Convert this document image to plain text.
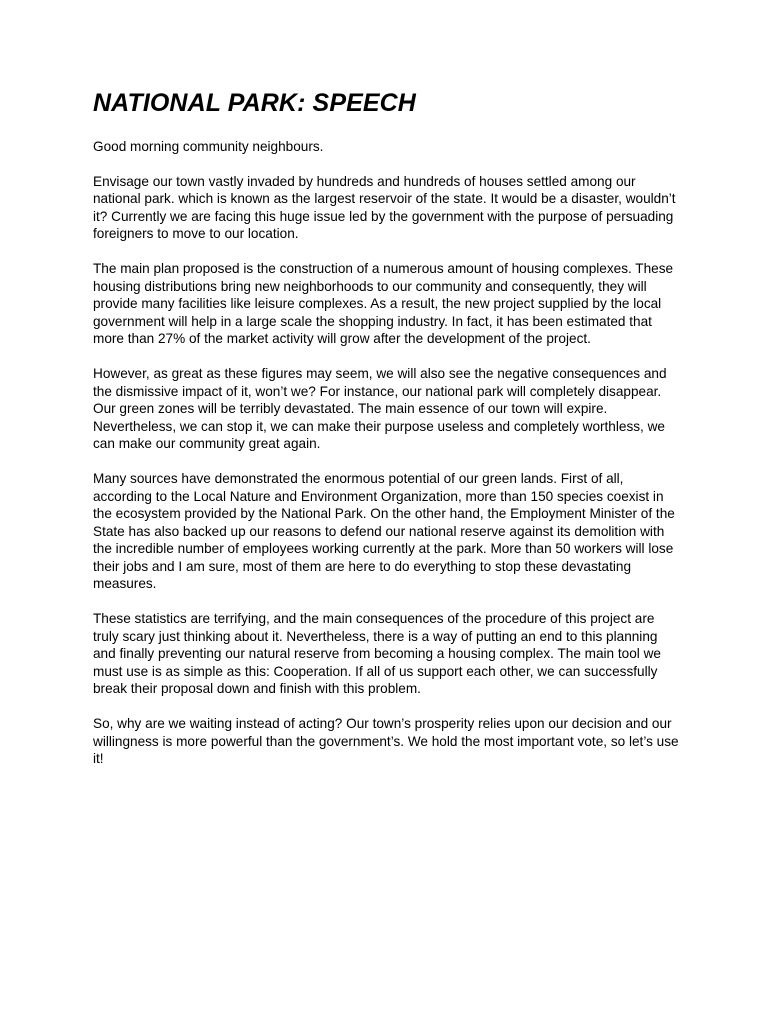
NATIONAL PARK: SPEECH

Good morning community neighbours.

Envisage our town vastly invaded by hundreds and hundreds of houses settled among our national park. which is known as the largest reservoir of the state. It would be a disaster, wouldn’t it? Currently we are facing this huge issue led by the government with the purpose of persuading foreigners to move to our location.

The main plan proposed is the construction of a numerous amount of housing complexes. These housing distributions bring new neighborhoods to our community and consequently, they will provide many facilities like leisure complexes. As a result, the new project supplied by the local government will help in a large scale the shopping industry. In fact, it has been estimated that more than 27% of the market activity will grow after the development of the project.

However, as great as these figures may seem, we will also see the negative consequences and the dismissive impact of it, won’t we? For instance, our national park will completely disappear. Our green zones will be terribly devastated. The main essence of our town will expire. Nevertheless, we can stop it, we can make their purpose useless and completely worthless, we can make our community great again.

Many sources have demonstrated the enormous potential of our green lands. First of all, according to the Local Nature and Environment Organization, more than 150 species coexist in the ecosystem provided by the National Park. On the other hand, the Employment Minister of the State has also backed up our reasons to defend our national reserve against its demolition with the incredible number of employees working currently at the park. More than 50 workers will lose their jobs and I am sure, most of them are here to do everything to stop these devastating measures.

These statistics are terrifying, and the main consequences of the procedure of this project are truly scary just thinking about it. Nevertheless, there is a way of putting an end to this planning and finally preventing our natural reserve from becoming a housing complex. The main tool we must use is as simple as this: Cooperation. If all of us support each other, we can successfully break their proposal down and finish with this problem.

So, why are we waiting instead of acting? Our town’s prosperity relies upon our decision and our willingness is more powerful than the government’s. We hold the most important vote, so let’s use it!
